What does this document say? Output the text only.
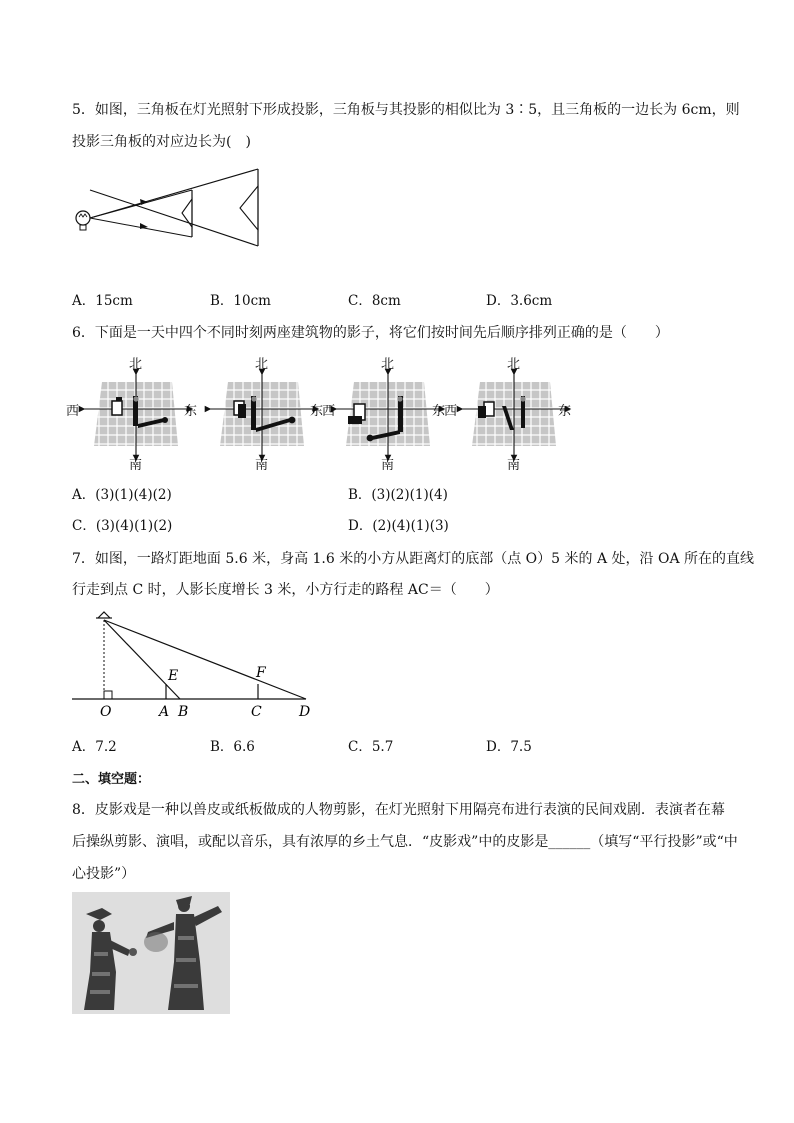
5．如图，三角板在灯光照射下形成投影，三角板与其投影的相似比为 3∶5，且三角板的一边长为 6cm，则
投影三角板的对应边长为(　)
A．15cm	B．10cm	C．8cm	D．3.6cm
6．下面是一天中四个不同时刻两座建筑物的影子，将它们按时间先后顺序排列正确的是（　　）
北
南
西	东
北
南
东
北
南
西	东
北
南
西	东
A．(3)(1)(4)(2)	B．(3)(2)(1)(4)
C．(3)(4)(1)(2)	D．(2)(4)(1)(3)
7．如图，一路灯距地面 5.6 米，身高 1.6 米的小方从距离灯的底部（点 O）5 米的 A 处，沿 OA 所在的直线
行走到点 C 时，人影长度增长 3 米，小方行走的路程 AC＝（　　）
E	F
O	A B	C	D
A．7.2	B．6.6	C．5.7	D．7.5
二、填空题：
8．皮影戏是一种以兽皮或纸板做成的人物剪影，在灯光照射下用隔亮布进行表演的民间戏剧．表演者在幕
后操纵剪影、演唱，或配以音乐，具有浓厚的乡土气息．“皮影戏”中的皮影是______（填写“平行投影”或“中
心投影”）
